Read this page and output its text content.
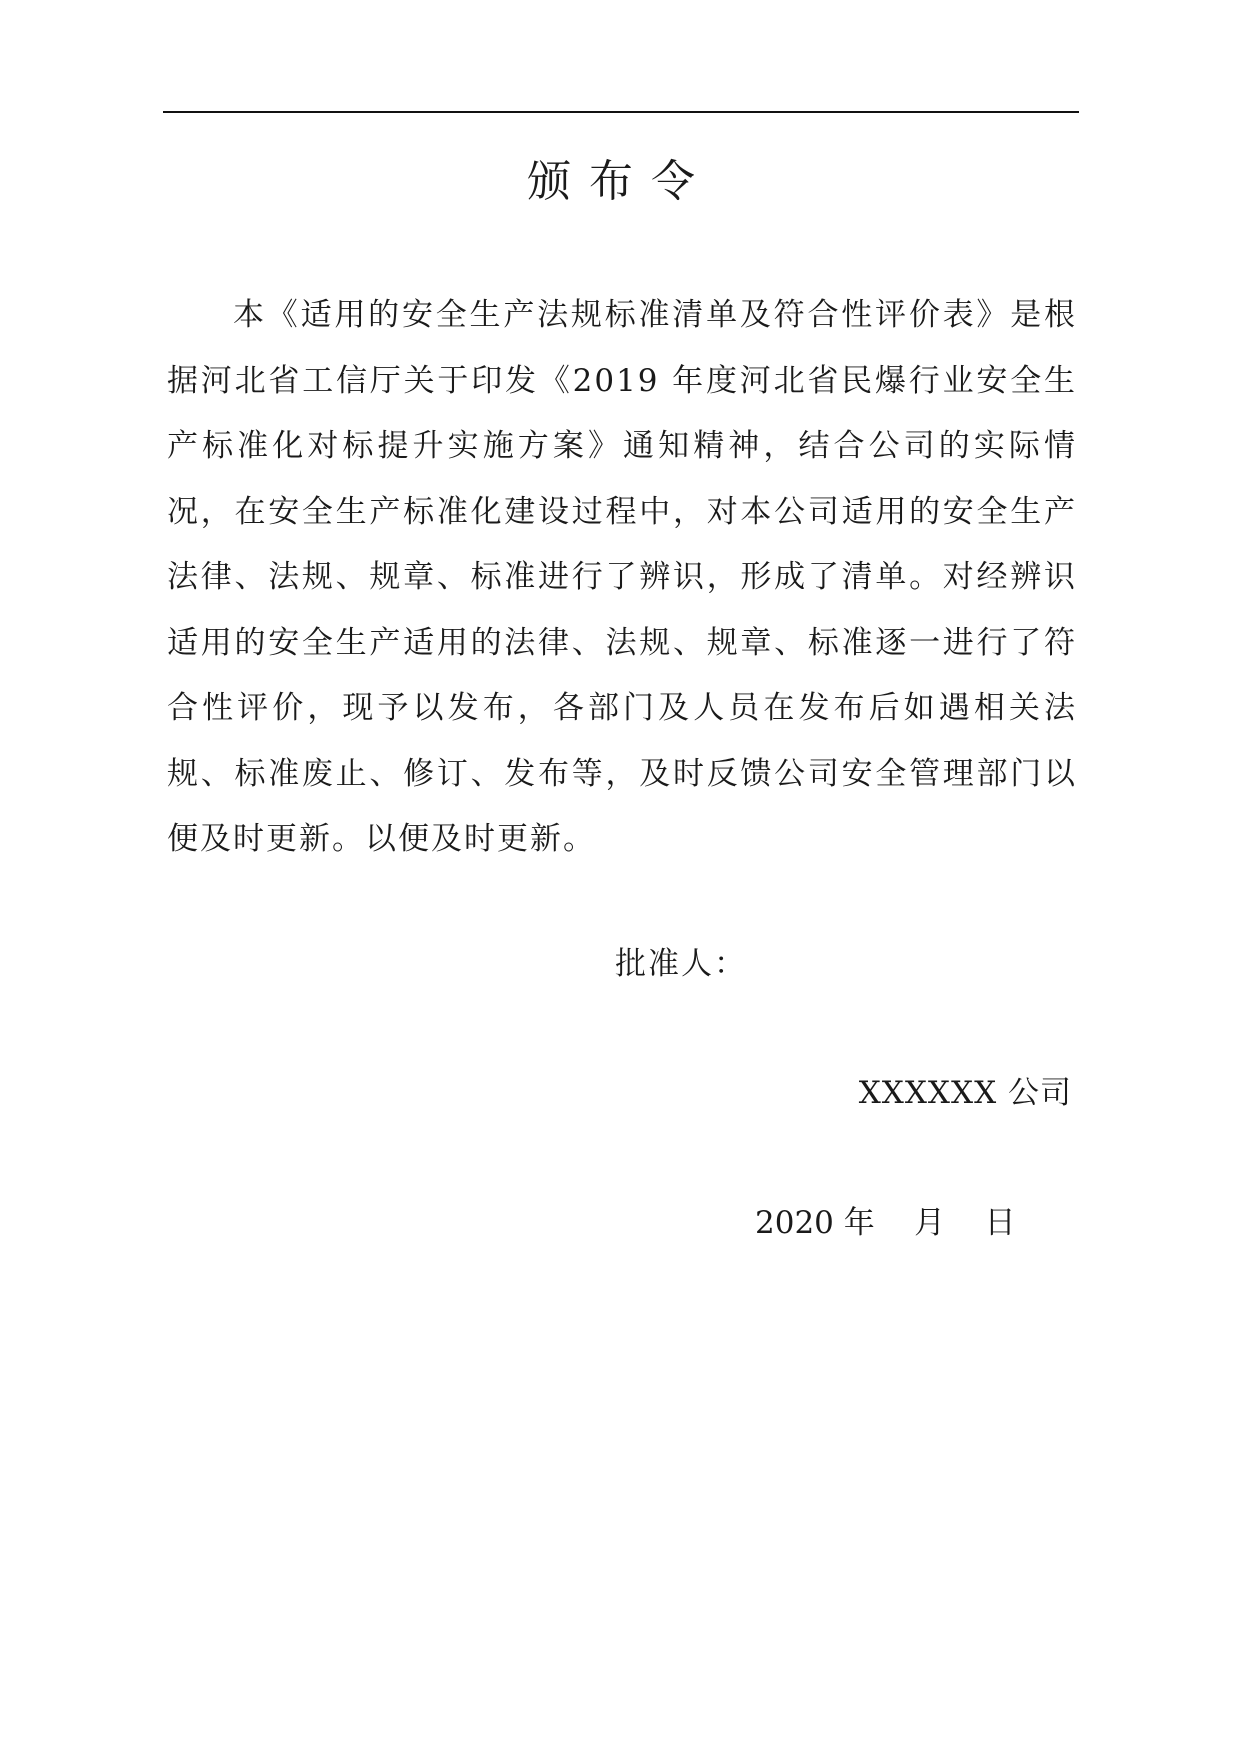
颁布令

本《适用的安全生产法规标准清单及符合性评价表》是根据河北省工信厅关于印发《2019 年度河北省民爆行业安全生产标准化对标提升实施方案》通知精神，结合公司的实际情况，在安全生产标准化建设过程中，对本公司适用的安全生产法律、法规、规章、标准进行了辨识，形成了清单。对经辨识适用的安全生产适用的法律、法规、规章、标准逐一进行了符合性评价，现予以发布，各部门及人员在发布后如遇相关法规、标准废止、修订、发布等，及时反馈公司安全管理部门以便及时更新。以便及时更新。

批准人：
XXXXXX 公司
2020 年    月    日
